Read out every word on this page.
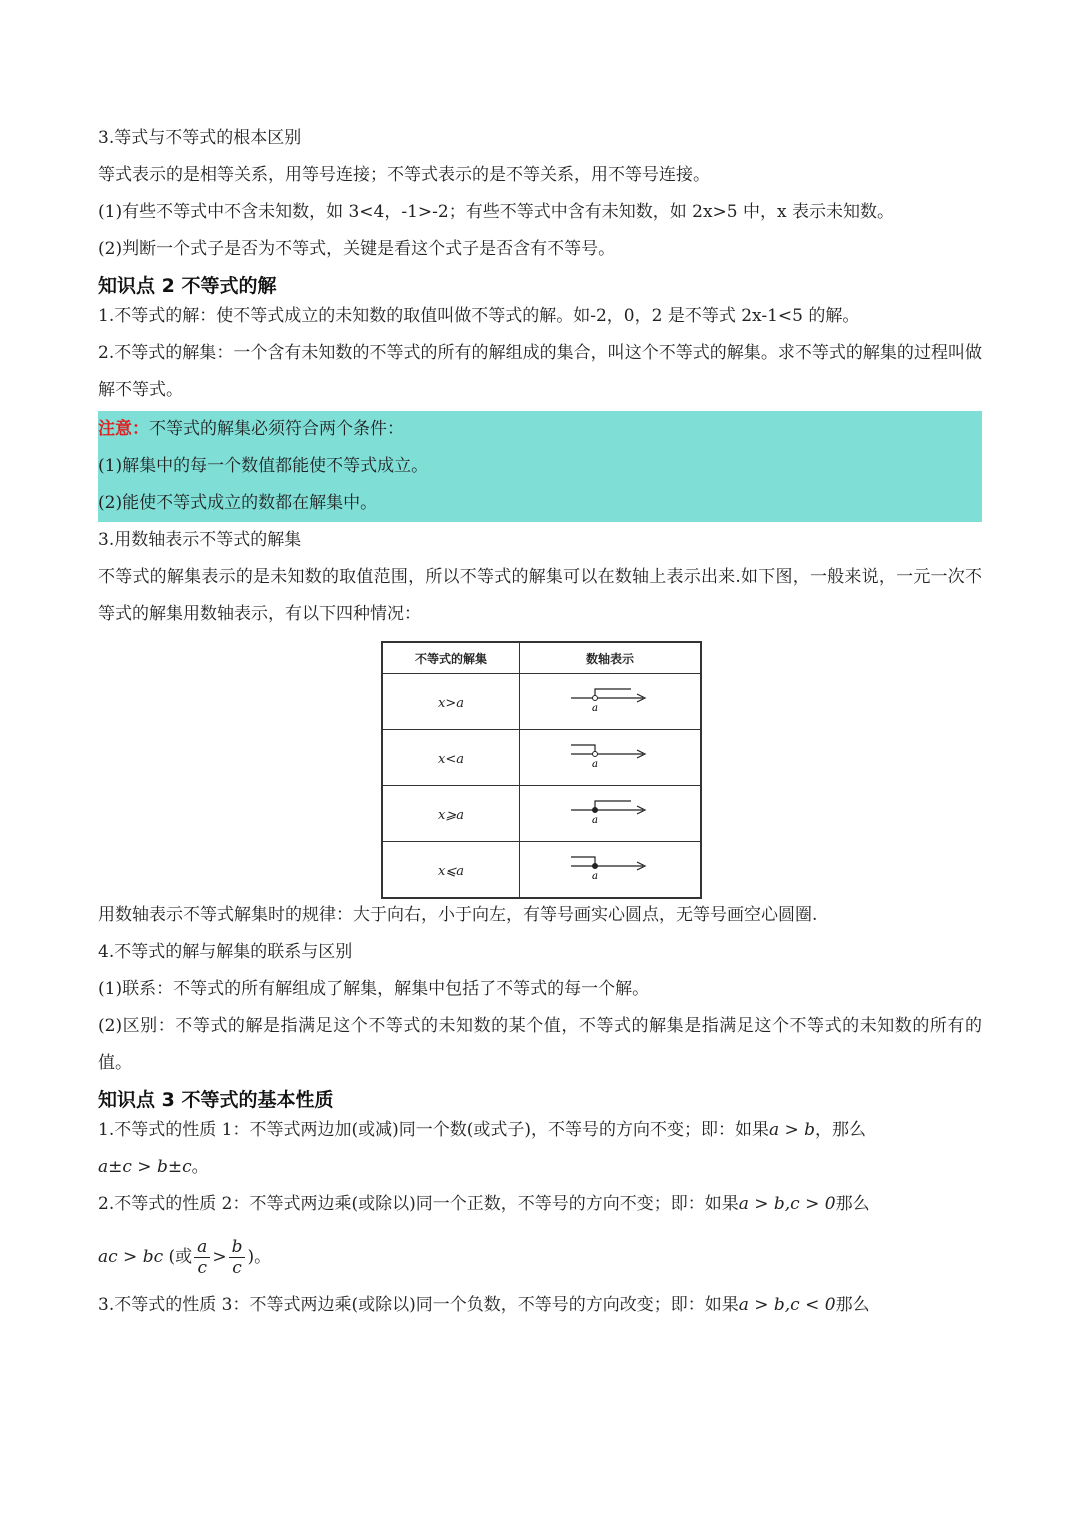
3.等式与不等式的根本区别

等式表示的是相等关系，用等号连接；不等式表示的是不等关系，用不等号连接。

(1)有些不等式中不含未知数，如 3<4，-1>-2；有些不等式中含有未知数，如 2x>5 中，x 表示未知数。

(2)判断一个式子是否为不等式，关键是看这个式子是否含有不等号。

知识点 2 不等式的解

1.不等式的解：使不等式成立的未知数的取值叫做不等式的解。如-2，0，2 是不等式 2x-1<5 的解。

2.不等式的解集：一个含有未知数的不等式的所有的解组成的集合，叫这个不等式的解集。求不等式的解集的过程叫做解不等式。

注意：不等式的解集必须符合两个条件：

(1)解集中的每一个数值都能使不等式成立。

(2)能使不等式成立的数都在解集中。

3.用数轴表示不等式的解集

不等式的解集表示的是未知数的取值范围，所以不等式的解集可以在数轴上表示出来.如下图，一般来说，一元一次不等式的解集用数轴表示，有以下四种情况：

不等式的解集	数轴表示
x>a	a

x<a	a

x⩾a	a

x⩽a	a

用数轴表示不等式解集时的规律：大于向右，小于向左，有等号画实心圆点，无等号画空心圆圈.

4.不等式的解与解集的联系与区别

(1)联系：不等式的所有解组成了解集，解集中包括了不等式的每一个解。

(2)区别：不等式的解是指满足这个不等式的未知数的某个值，不等式的解集是指满足这个不等式的未知数的所有的值。

知识点 3 不等式的基本性质

1.不等式的性质 1：不等式两边加(或减)同一个数(或式子)，不等号的方向不变；即：如果a > b，那么

a±c > b±c。

2.不等式的性质 2：不等式两边乘(或除以)同一个正数，不等号的方向不变；即：如果a > b,c > 0那么

ac > bc (或 $\frac{a}{c} > \frac{b}{c}$ )。

3.不等式的性质 3：不等式两边乘(或除以)同一个负数，不等号的方向改变；即：如果a > b,c < 0那么
